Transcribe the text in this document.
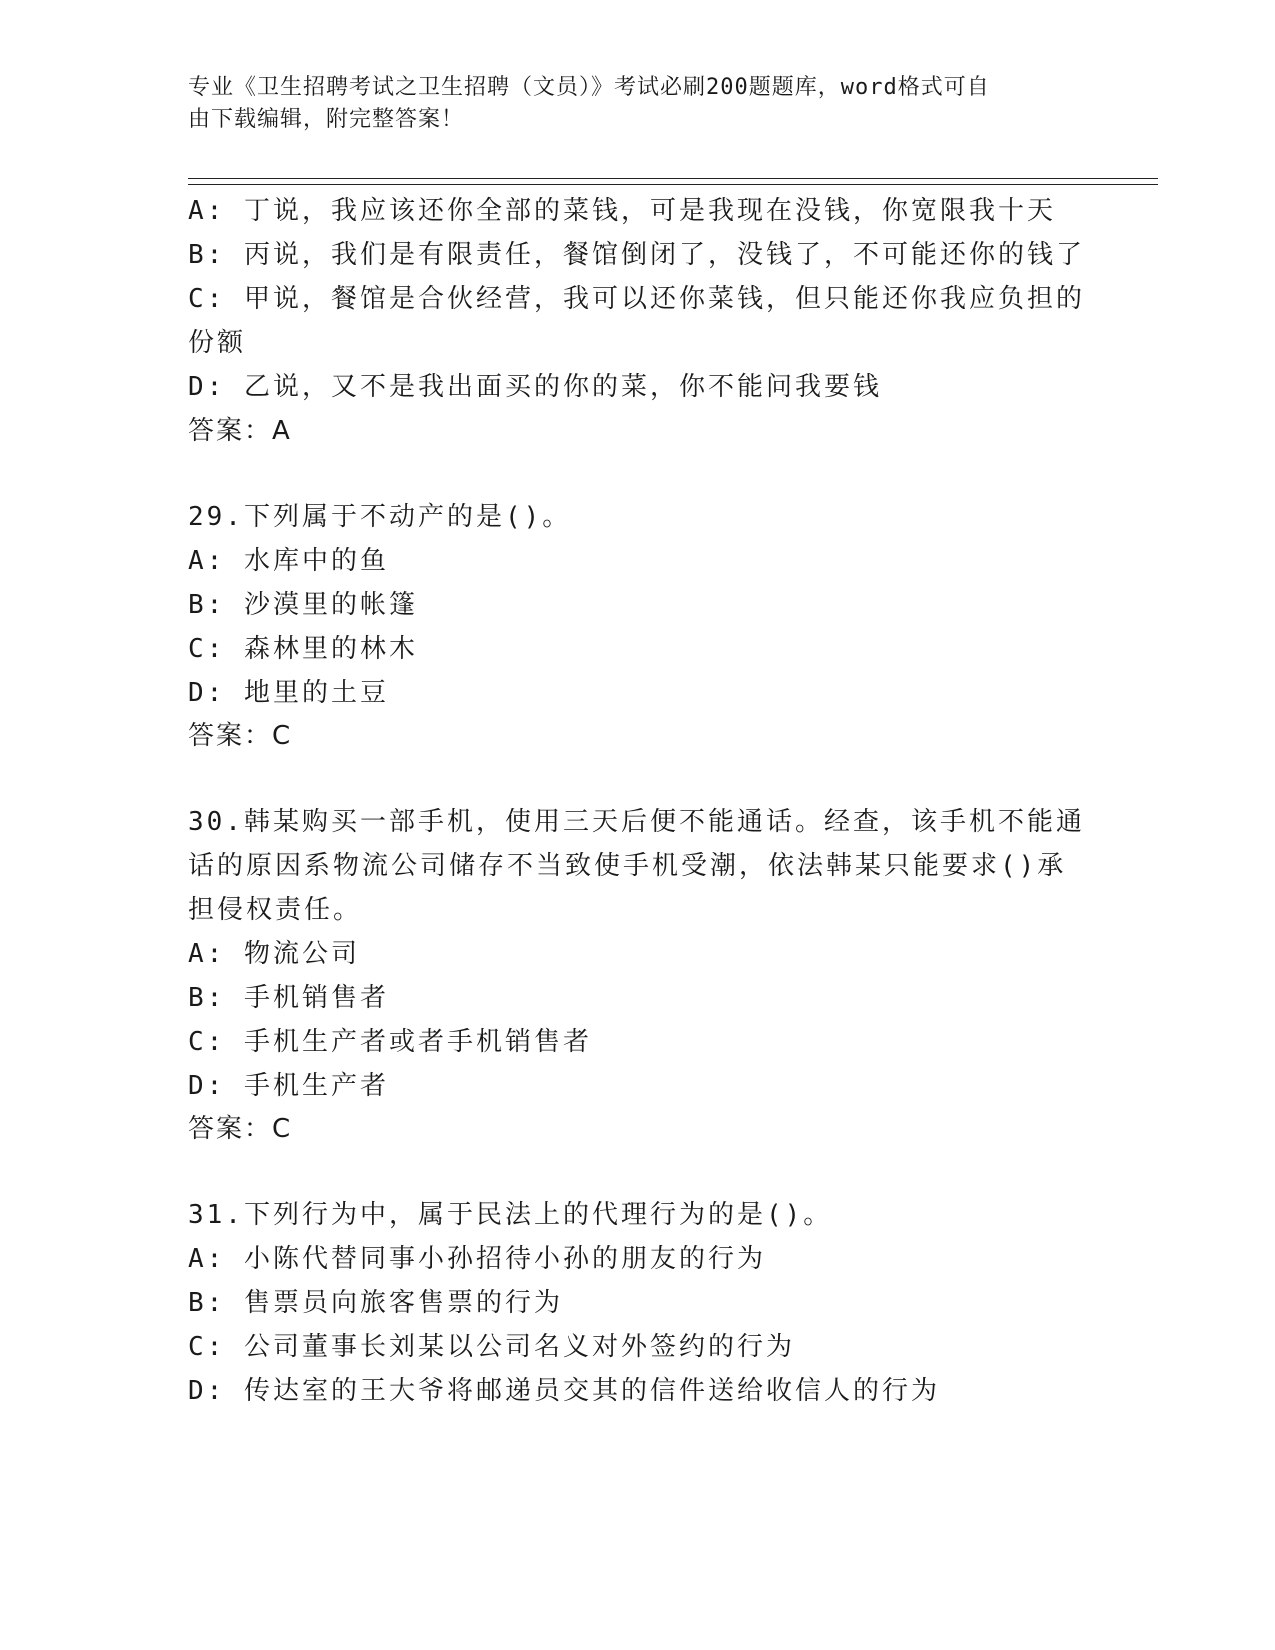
专业《卫生招聘考试之卫生招聘（文员）》考试必刷200题题库，word格式可自
由下载编辑，附完整答案！
A: 丁说，我应该还你全部的菜钱，可是我现在没钱，你宽限我十天
B: 丙说，我们是有限责任，餐馆倒闭了，没钱了，不可能还你的钱了
C: 甲说，餐馆是合伙经营，我可以还你菜钱，但只能还你我应负担的
份额
D: 乙说，又不是我出面买的你的菜，你不能问我要钱
答案：A
29.下列属于不动产的是()。
A: 水库中的鱼
B: 沙漠里的帐篷
C: 森林里的林木
D: 地里的土豆
答案：C
30.韩某购买一部手机，使用三天后便不能通话。经查，该手机不能通
话的原因系物流公司储存不当致使手机受潮，依法韩某只能要求()承
担侵权责任。
A: 物流公司
B: 手机销售者
C: 手机生产者或者手机销售者
D: 手机生产者
答案：C
31.下列行为中，属于民法上的代理行为的是()。
A: 小陈代替同事小孙招待小孙的朋友的行为
B: 售票员向旅客售票的行为
C: 公司董事长刘某以公司名义对外签约的行为
D: 传达室的王大爷将邮递员交其的信件送给收信人的行为
